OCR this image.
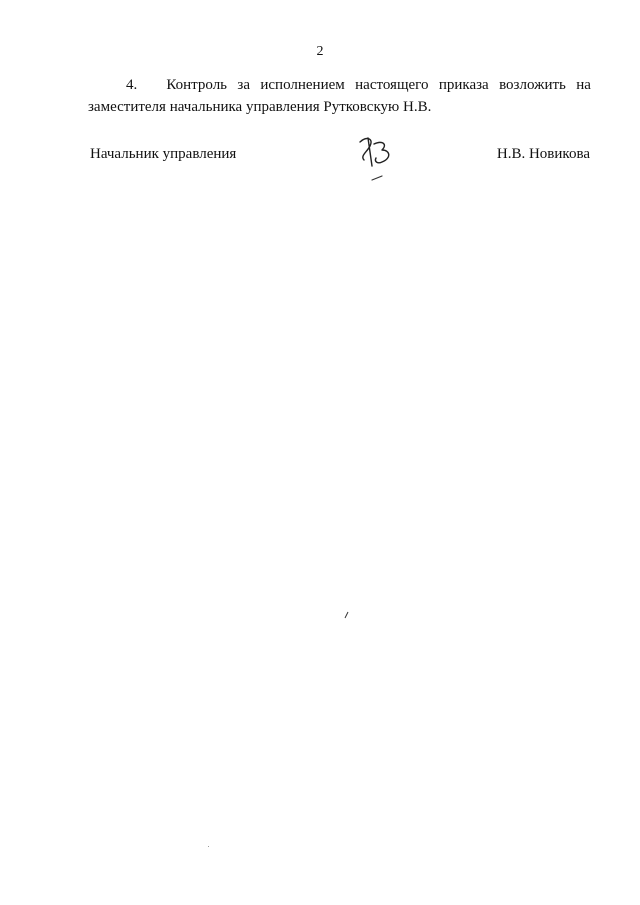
2
4.	Контроль за исполнением настоящего приказа возложить на
заместителя начальника управления Рутковскую Н.В.
Начальник управления	Н.В. Новикова
